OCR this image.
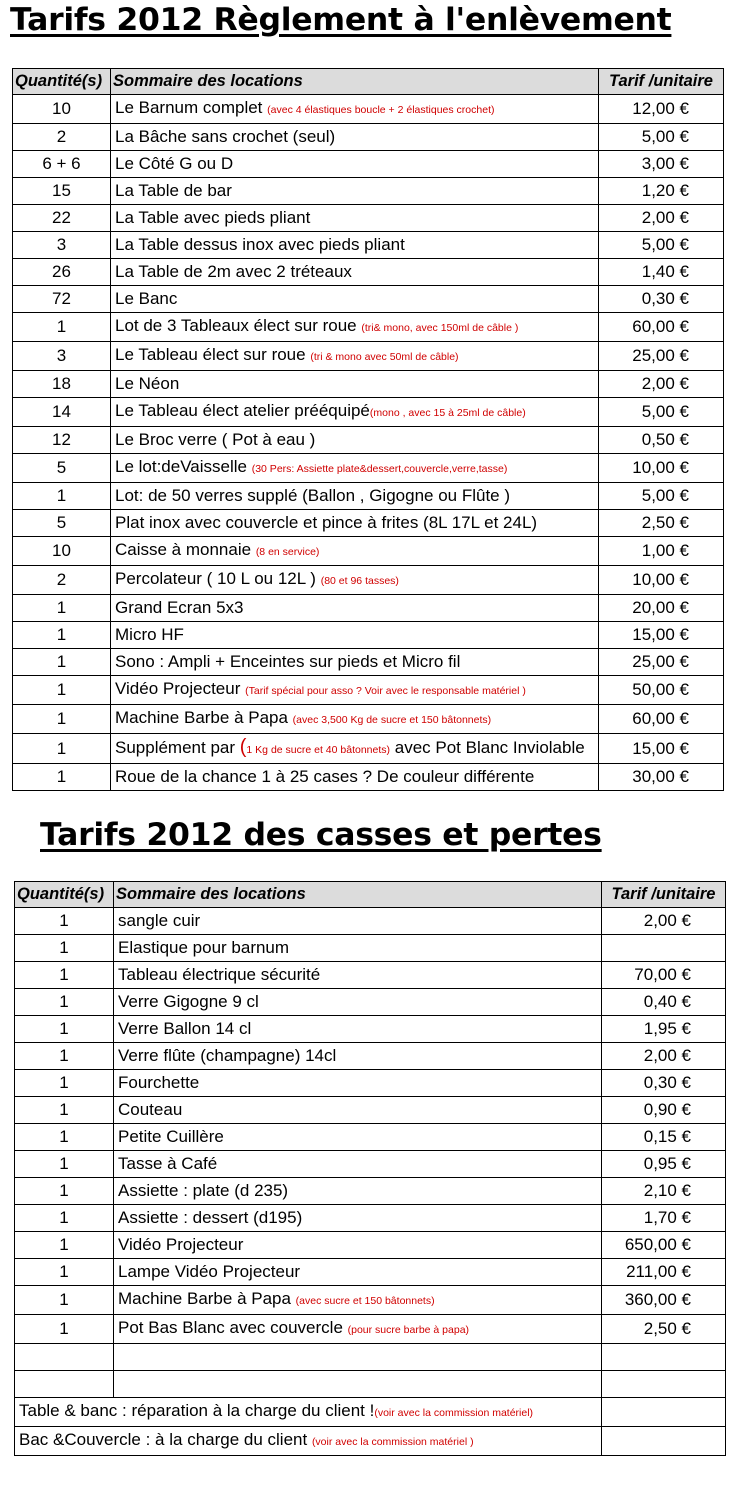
Tarifs 2012 Règlement à l'enlèvement
Quantité(s)	Sommaire des locations	Tarif /unitaire
10	Le Barnum complet (avec 4 élastiques boucle + 2 élastiques crochet)	12,00 €
2	La Bâche sans crochet (seul)	5,00 €
6 + 6	Le Côté G ou D	3,00 €
15	La Table de bar	1,20 €
22	La Table avec pieds pliant	2,00 €
3	La Table dessus inox avec pieds pliant	5,00 €
26	La Table de 2m avec 2 tréteaux	1,40 €
72	Le Banc	0,30 €
1	Lot de 3 Tableaux élect sur roue (tri& mono, avec 150ml de câble )	60,00 €
3	Le Tableau élect sur roue (tri & mono avec 50ml de câble)	25,00 €
18	Le Néon	2,00 €
14	Le Tableau élect atelier prééquipé(mono , avec 15 à 25ml de câble)	5,00 €
12	Le Broc verre ( Pot à eau )	0,50 €
5	Le lot:deVaisselle (30 Pers: Assiette plate&dessert,couvercle,verre,tasse)	10,00 €
1	Lot: de 50 verres supplé (Ballon , Gigogne ou Flûte )	5,00 €
5	Plat inox avec couvercle et pince à frites (8L 17L et 24L)	2,50 €
10	Caisse à monnaie (8 en service)	1,00 €
2	Percolateur ( 10 L ou 12L ) (80 et 96 tasses)	10,00 €
1	Grand Ecran 5x3	20,00 €
1	Micro HF	15,00 €
1	Sono : Ampli + Enceintes sur pieds et Micro fil	25,00 €
1	Vidéo Projecteur (Tarif spécial pour asso ? Voir avec le responsable matériel )	50,00 €
1	Machine Barbe à Papa (avec 3,500 Kg de sucre et 150 bâtonnets)	60,00 €
1	Supplément par (1 Kg de sucre et 40 bâtonnets) avec Pot Blanc Inviolable	15,00 €
1	Roue de la chance 1 à 25 cases ? De couleur différente	30,00 €
Tarifs 2012 des casses et pertes
Quantité(s)	Sommaire des locations	Tarif /unitaire
1	sangle cuir	2,00 €
1	Elastique pour barnum	
1	Tableau électrique sécurité	70,00 €
1	Verre Gigogne 9 cl	0,40 €
1	Verre Ballon 14 cl	1,95 €
1	Verre flûte (champagne) 14cl	2,00 €
1	Fourchette	0,30 €
1	Couteau	0,90 €
1	Petite Cuillère	0,15 €
1	Tasse à Café	0,95 €
1	Assiette : plate (d 235)	2,10 €
1	Assiette : dessert (d195)	1,70 €
1	Vidéo Projecteur	650,00 €
1	Lampe Vidéo Projecteur	211,00 €
1	Machine Barbe à Papa (avec sucre et 150 bâtonnets)	360,00 €
1	Pot Bas Blanc avec couvercle (pour sucre barbe à papa)	2,50 €

Table & banc : réparation à la charge du client !(voir avec la commission matériel)		
Bac &Couvercle : à la charge du client (voir avec la commission matériel )		
